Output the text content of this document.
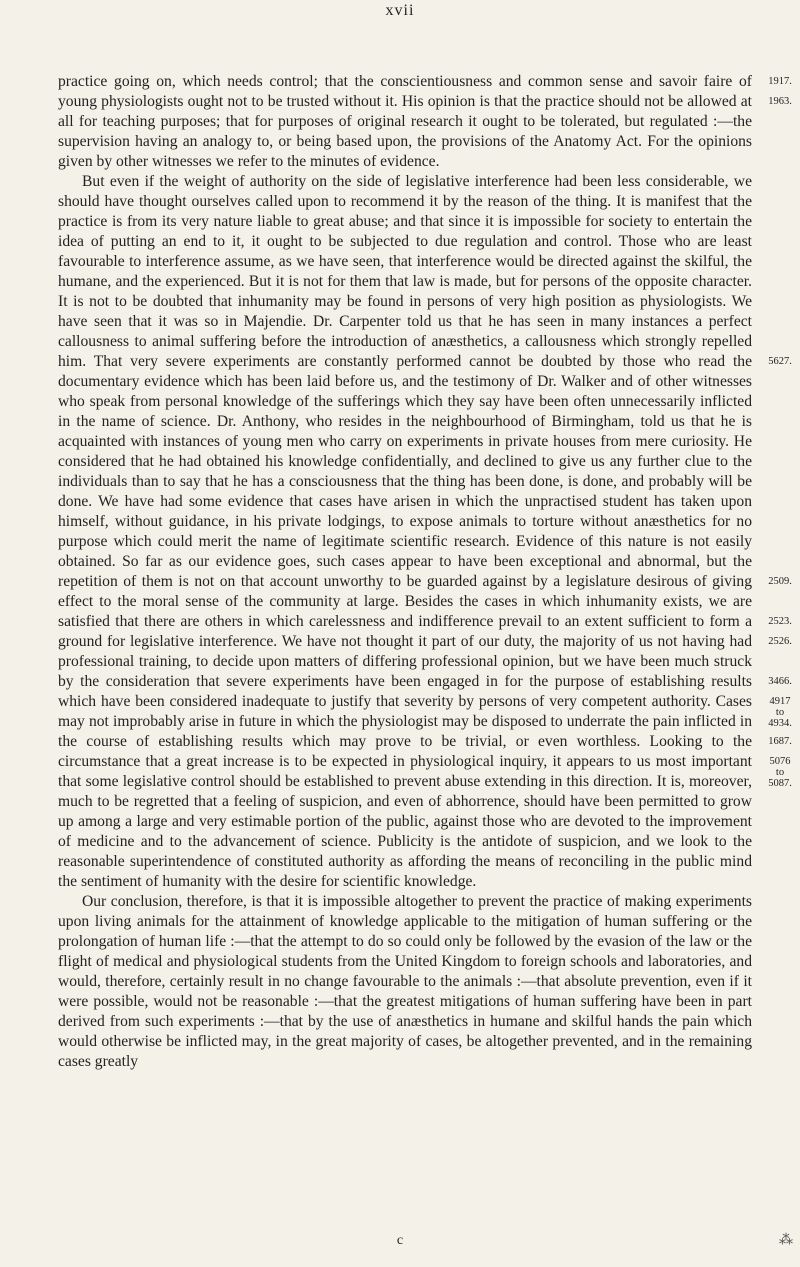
xvii

practice going on, which needs control; that the conscientiousness and common sense and savoir faire of young physiologists ought not to be trusted without it. His opinion is that the practice should not be allowed at all for teaching purposes; that for purposes of original research it ought to be tolerated, but regulated :—the supervision having an analogy to, or being based upon, the provisions of the Anatomy Act. For the opinions given by other witnesses we refer to the minutes of evidence.

But even if the weight of authority on the side of legislative interference had been less considerable, we should have thought ourselves called upon to recommend it by the reason of the thing. It is manifest that the practice is from its very nature liable to great abuse; and that since it is impossible for society to entertain the idea of putting an end to it, it ought to be subjected to due regulation and control. Those who are least favourable to interference assume, as we have seen, that interference would be directed against the skilful, the humane, and the experienced. But it is not for them that law is made, but for persons of the opposite character. It is not to be doubted that inhumanity may be found in persons of very high position as physiologists. We have seen that it was so in Majendie. Dr. Carpenter told us that he has seen in many instances a perfect callousness to animal suffering before the introduction of anæsthetics, a callousness which strongly repelled him. That very severe experiments are constantly performed cannot be doubted by those who read the documentary evidence which has been laid before us, and the testimony of Dr. Walker and of other witnesses who speak from personal knowledge of the sufferings which they say have been often unnecessarily inflicted in the name of science. Dr. Anthony, who resides in the neighbourhood of Birmingham, told us that he is acquainted with instances of young men who carry on experiments in private houses from mere curiosity. He considered that he had obtained his knowledge confidentially, and declined to give us any further clue to the individuals than to say that he has a consciousness that the thing has been done, is done, and probably will be done. We have had some evidence that cases have arisen in which the unpractised student has taken upon himself, without guidance, in his private lodgings, to expose animals to torture without anæsthetics for no purpose which could merit the name of legitimate scientific research. Evidence of this nature is not easily obtained. So far as our evidence goes, such cases appear to have been exceptional and abnormal, but the repetition of them is not on that account unworthy to be guarded against by a legislature desirous of giving effect to the moral sense of the community at large. Besides the cases in which inhumanity exists, we are satisfied that there are others in which carelessness and indifference prevail to an extent sufficient to form a ground for legislative interference. We have not thought it part of our duty, the majority of us not having had professional training, to decide upon matters of differing professional opinion, but we have been much struck by the consideration that severe experiments have been engaged in for the purpose of establishing results which have been considered inadequate to justify that severity by persons of very competent authority. Cases may not improbably arise in future in which the physiologist may be disposed to underrate the pain inflicted in the course of establishing results which may prove to be trivial, or even worthless. Looking to the circumstance that a great increase is to be expected in physiological inquiry, it appears to us most important that some legislative control should be established to prevent abuse extending in this direction. It is, moreover, much to be regretted that a feeling of suspicion, and even of abhorrence, should have been permitted to grow up among a large and very estimable portion of the public, against those who are devoted to the improvement of medicine and to the advancement of science. Publicity is the antidote of suspicion, and we look to the reasonable superintendence of constituted authority as affording the means of reconciling in the public mind the sentiment of humanity with the desire for scientific knowledge.

Our conclusion, therefore, is that it is impossible altogether to prevent the practice of making experiments upon living animals for the attainment of knowledge applicable to the mitigation of human suffering or the prolongation of human life :—that the attempt to do so could only be followed by the evasion of the law or the flight of medical and physiological students from the United Kingdom to foreign schools and laboratories, and would, therefore, certainly result in no change favourable to the animals :—that absolute prevention, even if it were possible, would not be reasonable :—that the greatest mitigations of human suffering have been in part derived from such experiments :—that by the use of anæsthetics in humane and skilful hands the pain which would otherwise be inflicted may, in the great majority of cases, be altogether prevented, and in the remaining cases greatly

1917.
1963.
5627.
2509.
2523.
2526.
3466.
4917
to
4934.
1687.
5076
to
5087.
c	⁂
